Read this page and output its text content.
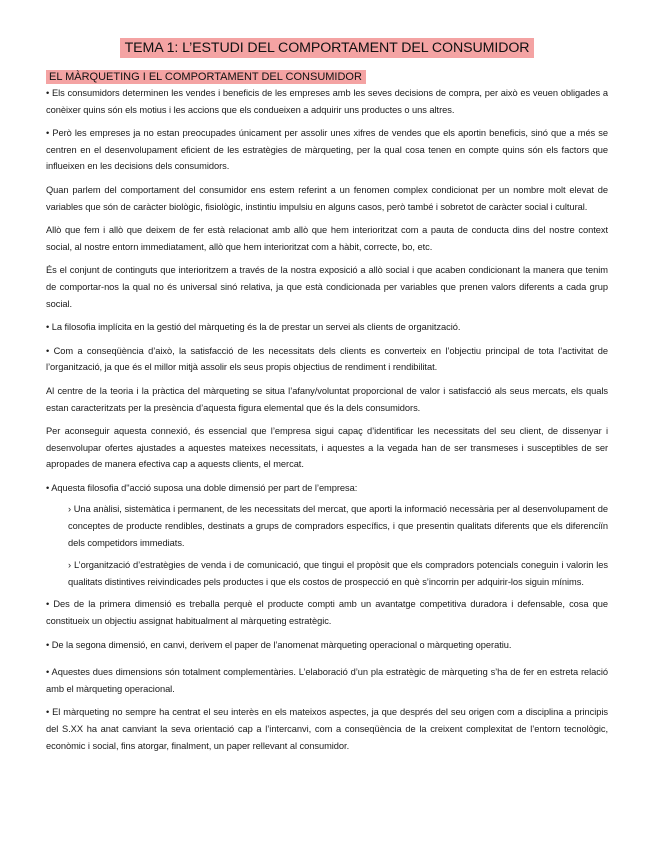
TEMA 1: L’ESTUDI DEL COMPORTAMENT DEL CONSUMIDOR
EL MÀRQUETING I EL COMPORTAMENT DEL CONSUMIDOR

• Els consumidors determinen les vendes i beneficis de les empreses amb les seves decisions de compra, per això es veuen obligades a conèixer quins són els motius i les accions que els condueixen a adquirir uns productes o uns altres.

• Però les empreses ja no estan preocupades únicament per assolir unes xifres de vendes que els aportin beneficis, sinó que a més se centren en el desenvolupament eficient de les estratègies de màrqueting, per la qual cosa tenen en compte quins són els factors que influeixen en les decisions dels consumidors.

Quan parlem del comportament del consumidor ens estem referint a un fenomen complex condicionat per un nombre molt elevat de variables que són de caràcter biològic, fisiològic, instintiu impulsiu en alguns casos, però també i sobretot de caràcter social i cultural.

Allò que fem i allò que deixem de fer està relacionat amb allò que hem interioritzat com a pauta de conducta dins del nostre context social, al nostre entorn immediatament, allò que hem interioritzat com a hàbit, correcte, bo, etc.

És el conjunt de continguts que interioritzem a través de la nostra exposició a allò social i que acaben condicionant la manera que tenim de comportar-nos la qual no és universal sinó relativa, ja que està condicionada per variables que prenen valors diferents a cada grup social.

• La filosofia implícita en la gestió del màrqueting és la de prestar un servei als clients de organització.

• Com a conseqüència d’això, la satisfacció de les necessitats dels clients es converteix en l’objectiu principal de tota l’activitat de l’organització, ja que és el millor mitjà assolir els seus propis objectius de rendiment i rendibilitat.

Al centre de la teoria i la pràctica del màrqueting se situa l’afany/voluntat proporcional de valor i satisfacció als seus mercats, els quals estan caracteritzats per la presència d’aquesta figura elemental que és la dels consumidors.

Per aconseguir aquesta connexió, és essencial que l’empresa sigui capaç d’identificar les necessitats del seu client, de dissenyar i desenvolupar ofertes ajustades a aquestes mateixes necessitats, i aquestes a la vegada han de ser transmeses i susceptibles de ser apropades de manera efectiva cap a aquests clients, el mercat.

• Aquesta filosofia d"acció suposa una doble dimensió per part de l’empresa:

› Una anàlisi, sistemàtica i permanent, de les necessitats del mercat, que aporti la informació necessària per al desenvolupament de conceptes de producte rendibles, destinats a grups de compradors específics, i que presentin qualitats diferents que els diferenciïn dels competidors immediats.

› L’organització d’estratègies de venda i de comunicació, que tingui el propòsit que els compradors potencials coneguin i valorin les qualitats distintives reivindicades pels productes i que els costos de prospecció en què s’incorrin per adquirir-los siguin mínims.

• Des de la primera dimensió es treballa perquè el producte compti amb un avantatge competitiva duradora i defensable, cosa que constitueix un objectiu assignat habitualment al màrqueting estratègic.

• De la segona dimensió, en canvi, derivem el paper de l’anomenat màrqueting operacional o màrqueting operatiu.

• Aquestes dues dimensions són totalment complementàries. L’elaboració d’un pla estratègic de màrqueting s’ha de fer en estreta relació amb el màrqueting operacional.

• El màrqueting no sempre ha centrat el seu interès en els mateixos aspectes, ja que després del seu origen com a disciplina a principis del S.XX ha anat canviant la seva orientació cap a l’intercanvi, com a conseqüència de la creixent complexitat de l’entorn tecnològic, econòmic i social, fins atorgar, finalment, un paper rellevant al consumidor.
